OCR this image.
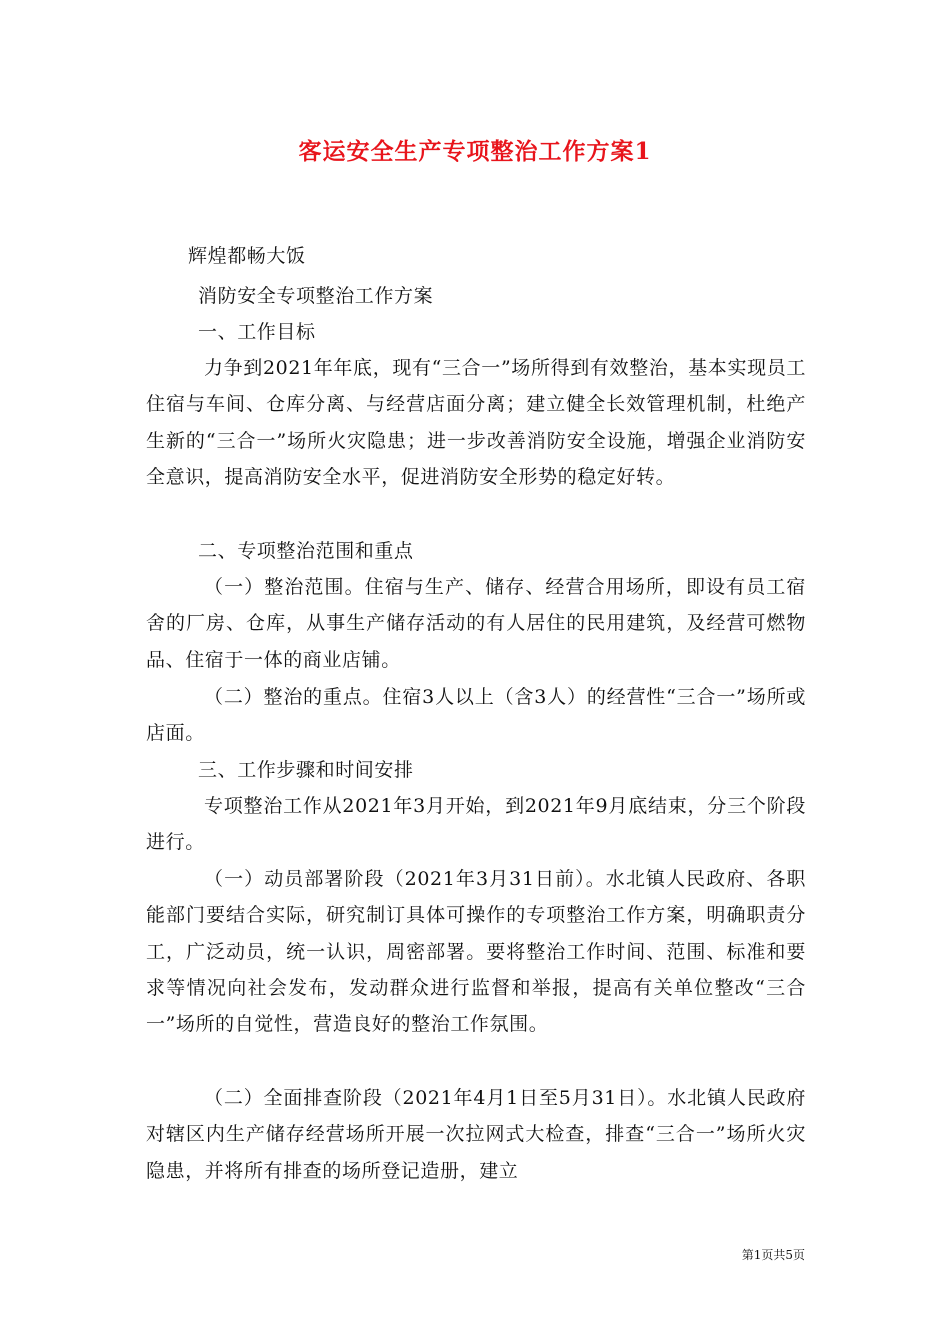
客运安全生产专项整治工作方案1

辉煌都畅大饭

消防安全专项整治工作方案

一、工作目标

力争到2021年年底，现有“三合一”场所得到有效整治，基本实现员工住宿与车间、仓库分离、与经营店面分离；建立健全长效管理机制，杜绝产生新的“三合一”场所火灾隐患；进一步改善消防安全设施，增强企业消防安全意识，提高消防安全水平，促进消防安全形势的稳定好转。

二、专项整治范围和重点

（一）整治范围。住宿与生产、储存、经营合用场所，即设有员工宿舍的厂房、仓库，从事生产储存活动的有人居住的民用建筑，及经营可燃物品、住宿于一体的商业店铺。

（二）整治的重点。住宿3人以上（含3人）的经营性“三合一”场所或店面。

三、工作步骤和时间安排

专项整治工作从2021年3月开始，到2021年9月底结束，分三个阶段进行。

（一）动员部署阶段（2021年3月31日前）。水北镇人民政府、各职能部门要结合实际，研究制订具体可操作的专项整治工作方案，明确职责分工，广泛动员，统一认识，周密部署。要将整治工作时间、范围、标准和要求等情况向社会发布，发动群众进行监督和举报，提高有关单位整改“三合一”场所的自觉性，营造良好的整治工作氛围。

（二）全面排查阶段（2021年4月1日至5月31日）。水北镇人民政府对辖区内生产储存经营场所开展一次拉网式大检查，排查“三合一”场所火灾隐患，并将所有排查的场所登记造册，建立

第1页共5页
